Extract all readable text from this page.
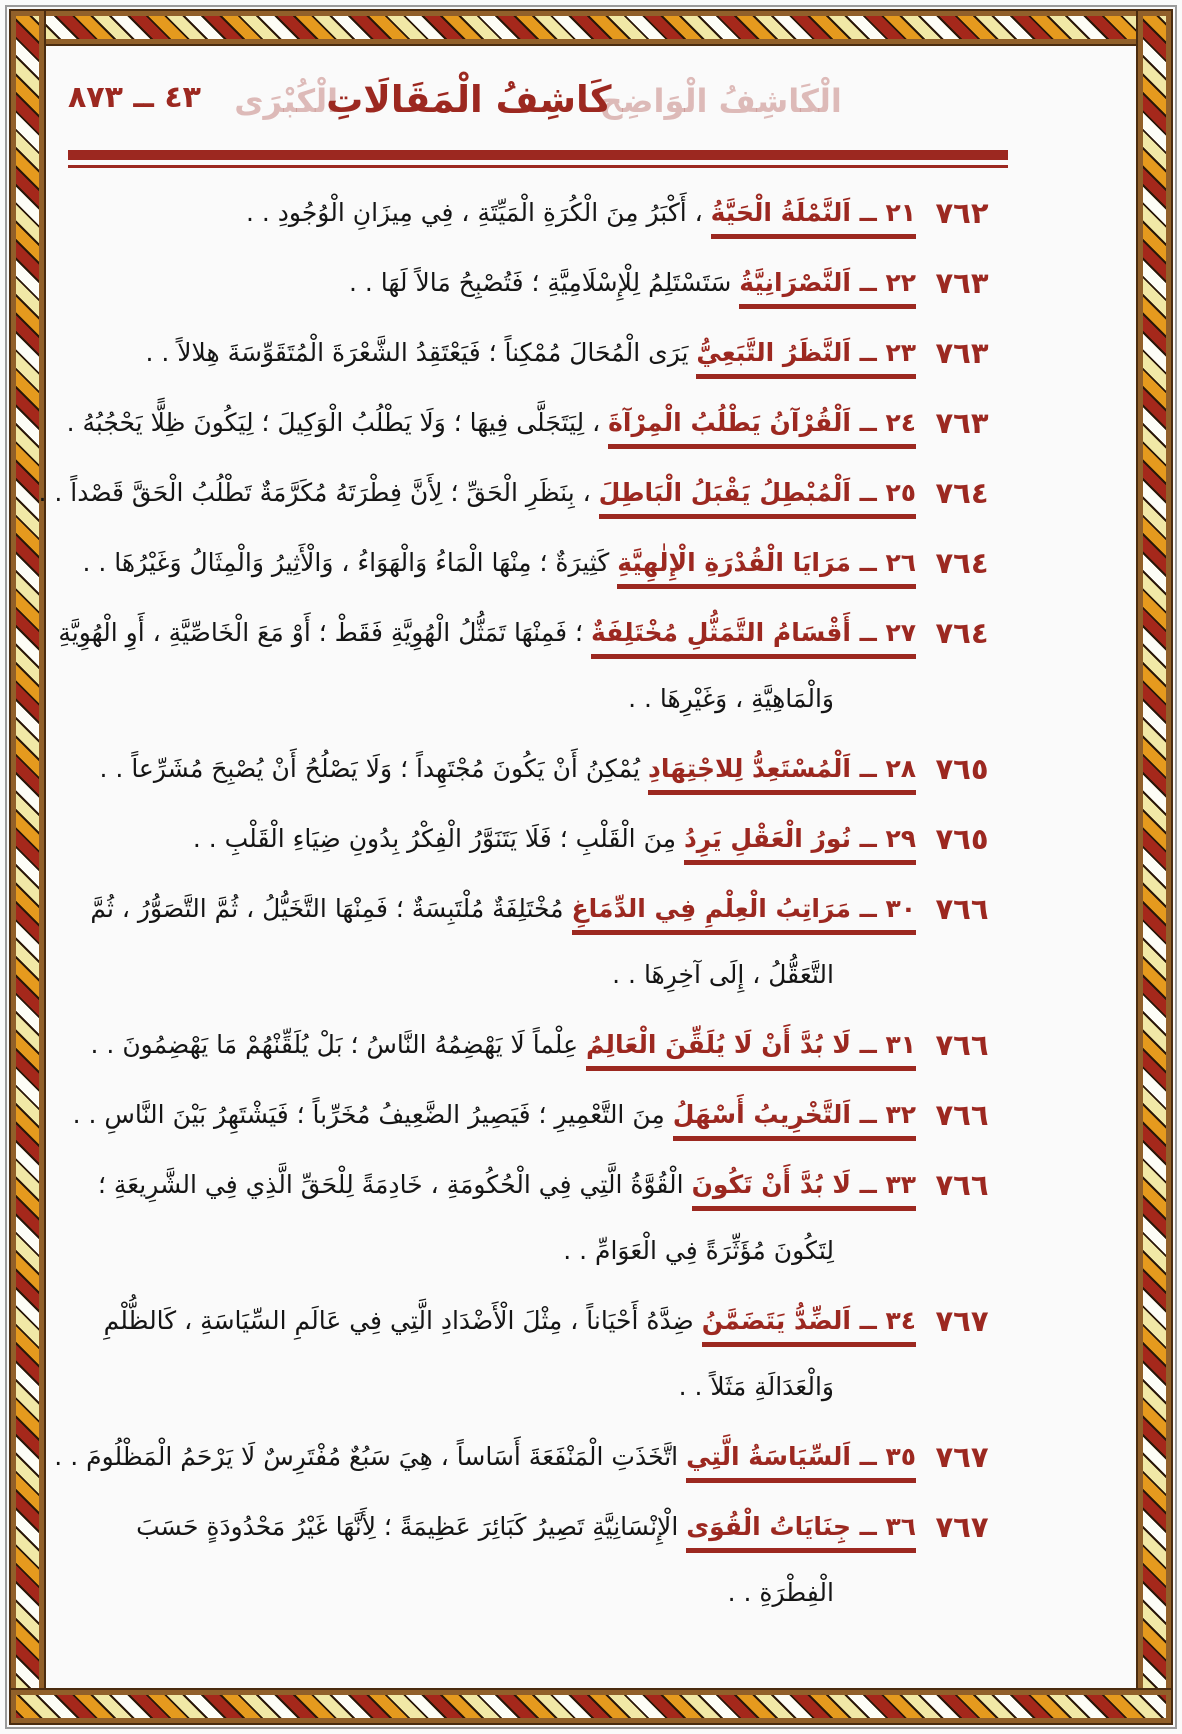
٤٣ ــ ٨٧٣	الْكَاشِفُ الْوَاضِح
كَاشِفُ الْمَقَالَاتِ
الْكُبْرَى
٧٦٢
٢١ ــ اَلنَّمْلَةُ الْحَيَّةُ ، أَكْبَرُ مِنَ الْكُرَةِ الْمَيِّتَةِ ، فِي مِيزَانِ الْوُجُودِ . .
٧٦٣
٢٢ ــ اَلنَّصْرَانِيَّةُ سَتَسْتَلِمُ لِلْإِسْلَامِيَّةِ ؛ فَتُصْبِحُ مَالاً لَهَا . .
٧٦٣
٢٣ ــ اَلنَّظَرُ التَّبَعِيُّ يَرَى الْمُحَالَ مُمْكِناً ؛ فَيَعْتَقِدُ الشَّعْرَةَ الْمُتَقَوِّسَةَ هِلالاً . .
٧٦٣
٢٤ ــ اَلْقُرْآنُ يَطْلُبُ الْمِرْآةَ ، لِيَتَجَلَّى فِيهَا ؛ وَلَا يَطْلُبُ الْوَكِيلَ ؛ لِيَكُونَ ظِلًّا يَحْجُبُهُ .
٧٦٤
٢٥ ــ اَلْمُبْطِلُ يَقْبَلُ الْبَاطِلَ ، بِنَظَرِ الْحَقِّ ؛ لِأَنَّ فِطْرَتَهُ مُكَرَّمَةٌ تَطْلُبُ الْحَقَّ قَصْداً . .
٧٦٤
٢٦ ــ مَرَايَا الْقُدْرَةِ الْإِلٰهِيَّةِ كَثِيرَةٌ ؛ مِنْهَا الْمَاءُ وَالْهَوَاءُ ، وَالْأَثِيرُ وَالْمِثَالُ وَغَيْرُهَا . .
٧٦٤
٢٧ ــ أَقْسَامُ التَّمَثُّلِ مُخْتَلِفَةٌ ؛ فَمِنْهَا تَمَثُّلُ الْهُوِيَّةِ فَقَطْ ؛ أَوْ مَعَ الْخَاصِّيَّةِ ، أَوِ الْهُوِيَّةِ
وَالْمَاهِيَّةِ ، وَغَيْرِهَا . .
٧٦٥
٢٨ ــ اَلْمُسْتَعِدُّ لِلاجْتِهَادِ يُمْكِنُ أَنْ يَكُونَ مُجْتَهِداً ؛ وَلَا يَصْلُحُ أَنْ يُصْبِحَ مُشَرِّعاً . .
٧٦٥
٢٩ ــ نُورُ الْعَقْلِ يَرِدُ مِنَ الْقَلْبِ ؛ فَلَا يَتَنَوَّرُ الْفِكْرُ بِدُونِ ضِيَاءِ الْقَلْبِ . .
٧٦٦
٣٠ ــ مَرَاتِبُ الْعِلْمِ فِي الدِّمَاغِ مُخْتَلِفَةٌ مُلْتَبِسَةٌ ؛ فَمِنْهَا التَّخَيُّلُ ، ثُمَّ التَّصَوُّرُ ، ثُمَّ
التَّعَقُّلُ ، إِلَى آخِرِهَا . .
٧٦٦
٣١ ــ لَا بُدَّ أَنْ لَا يُلَقِّنَ الْعَالِمُ عِلْماً لَا يَهْضِمُهُ النَّاسُ ؛ بَلْ يُلَقِّنْهُمْ مَا يَهْضِمُونَ . .
٧٦٦
٣٢ ــ اَلتَّخْرِيبُ أَسْهَلُ مِنَ التَّعْمِيرِ ؛ فَيَصِيرُ الضَّعِيفُ مُخَرِّباً ؛ فَيَشْتَهِرُ بَيْنَ النَّاسِ . .
٧٦٦
٣٣ ــ لَا بُدَّ أَنْ تَكُونَ الْقُوَّةُ الَّتِي فِي الْحُكُومَةِ ، خَادِمَةً لِلْحَقِّ الَّذِي فِي الشَّرِيعَةِ ؛
لِتَكُونَ مُؤَثِّرَةً فِي الْعَوَامِّ . .
٧٦٧
٣٤ ــ اَلضِّدُّ يَتَضَمَّنُ ضِدَّهُ أَحْيَاناً ، مِثْلَ الْأَضْدَادِ الَّتِي فِي عَالَمِ السِّيَاسَةِ ، كَالظُّلْمِ
وَالْعَدَالَةِ مَثَلاً . .
٧٦٧
٣٥ ــ اَلسِّيَاسَةُ الَّتِي اتَّخَذَتِ الْمَنْفَعَةَ أَسَاساً ، هِيَ سَبُعٌ مُفْتَرِسٌ لَا يَرْحَمُ الْمَظْلُومَ . .
٧٦٧
٣٦ ــ جِنَايَاتُ الْقُوَى الْإِنْسَانِيَّةِ تَصِيرُ كَبَائِرَ عَظِيمَةً ؛ لِأَنَّهَا غَيْرُ مَحْدُودَةٍ حَسَبَ
الْفِطْرَةِ . .
